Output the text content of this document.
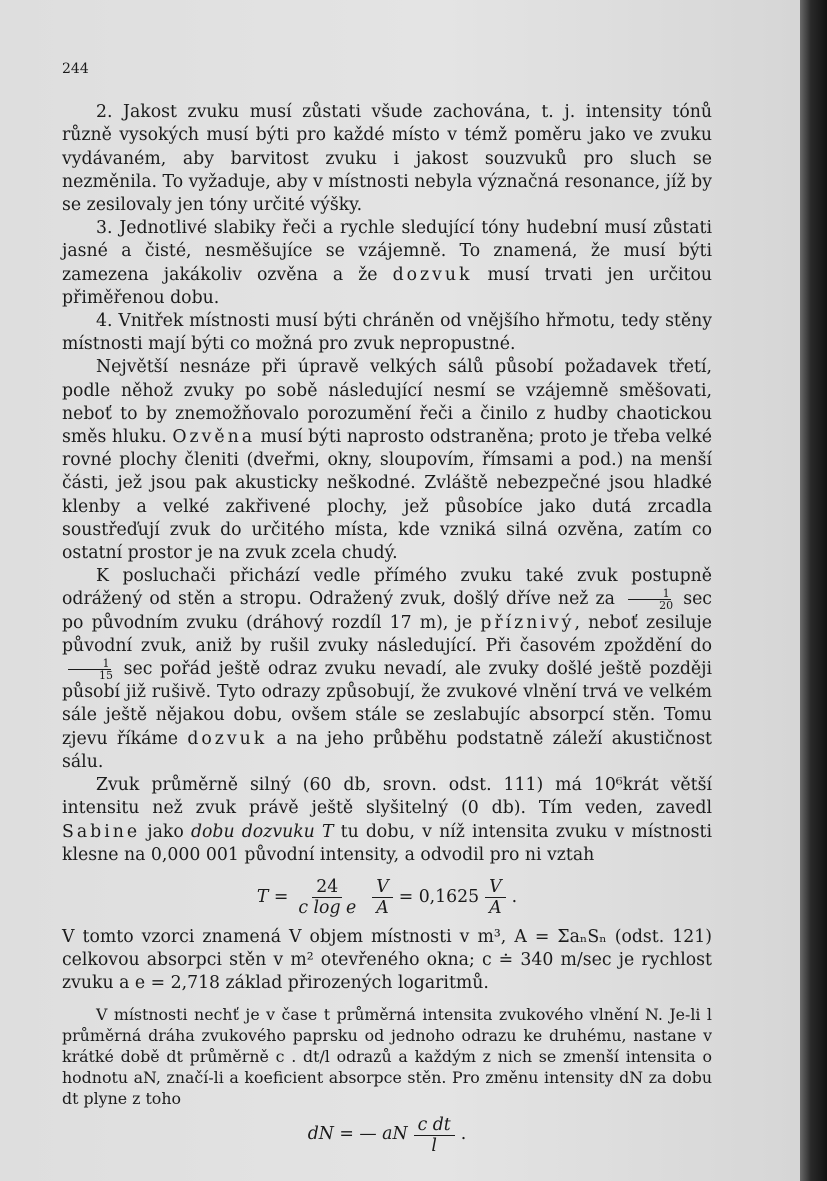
244

2. Jakost zvuku musí zůstati všude zachována, t. j. intensity tónů různě vysokých musí býti pro každé místo v témž poměru jako ve zvuku vydávaném, aby barvitost zvuku i jakost souzvuků pro sluch se nezměnila. To vyžaduje, aby v místnosti nebyla význačná resonance, jíž by se zesilovaly jen tóny určité výšky.

3. Jednotlivé slabiky řeči a rychle sledující tóny hudební musí zůstati jasné a čisté, nesměšujíce se vzájemně. To znamená, že musí býti zamezena jakákoliv ozvěna a že dozvuk musí trvati jen určitou přiměřenou dobu.

4. Vnitřek místnosti musí býti chráněn od vnějšího hřmotu, tedy stěny místnosti mají býti co možná pro zvuk nepropustné.

Největší nesnáze při úpravě velkých sálů působí požadavek třetí, podle něhož zvuky po sobě následující nesmí se vzájemně směšovati, neboť to by znemožňovalo porozumění řeči a činilo z hudby chaotickou směs hluku. Ozvěna musí býti naprosto odstraněna; proto je třeba velké rovné plochy členiti (dveřmi, okny, sloupovím, římsami a pod.) na menší části, jež jsou pak akusticky neškodné. Zvláště nebezpečné jsou hladké klenby a velké zakřivené plochy, jež působíce jako dutá zrcadla soustřeďují zvuk do určitého místa, kde vzniká silná ozvěna, zatím co ostatní prostor je na zvuk zcela chudý.

K posluchači přichází vedle přímého zvuku také zvuk postupně odrážený od stěn a stropu. Odražený zvuk, došlý dříve než za $\frac{1}{20}$ sec po původním zvuku (dráhový rozdíl 17 m), je příznivý, neboť zesiluje původní zvuk, aniž by rušil zvuky následující. Při časovém zpoždění do
$\frac{1}{15}$ sec pořád ještě odraz zvuku nevadí, ale zvuky došlé ještě později působí již rušivě. Tyto odrazy způsobují, že zvukové vlnění trvá ve velkém sále ještě nějakou dobu, ovšem stále se zeslabujíc absorpcí stěn. Tomu zjevu říkáme dozvuk a na jeho průběhu podstatně záleží akustičnost sálu.

Zvuk průměrně silný (60 db, srovn. odst. 111) má 10⁶krát větší intensitu než zvuk právě ještě slyšitelný (0 db). Tím veden, zavedl Sabine jako dobu dozvuku T tu dobu, v níž intensita zvuku v místnosti klesne na 0,000 001 původní intensity, a odvodil pro ni vztah

$T = \frac{24}{\text{c log e}} \frac{V}{A} = 0,1625 \frac{V}{A}$ .
V tomto vzorci znamená V objem místnosti v m³, A = ΣaₙSₙ (odst. 121) celkovou absorpci stěn v m² otevřeného okna; c ≐ 340 m/sec je rychlost zvuku a e = 2,718 základ přirozených logaritmů.

V místnosti nechť je v čase t průměrná intensita zvukového vlnění N. Je-li l průměrná dráha zvukového paprsku od jednoho odrazu ke druhému, nastane v krátké době dt průměrně c . dt/l odrazů a každým z nich se zmenší intensita o hodnotu aN, značí-li a koeficient absorpce stěn. Pro změnu intensity dN za dobu dt plyne z toho

dN = — aN $\frac{\text{c dt}}{l}$ .
